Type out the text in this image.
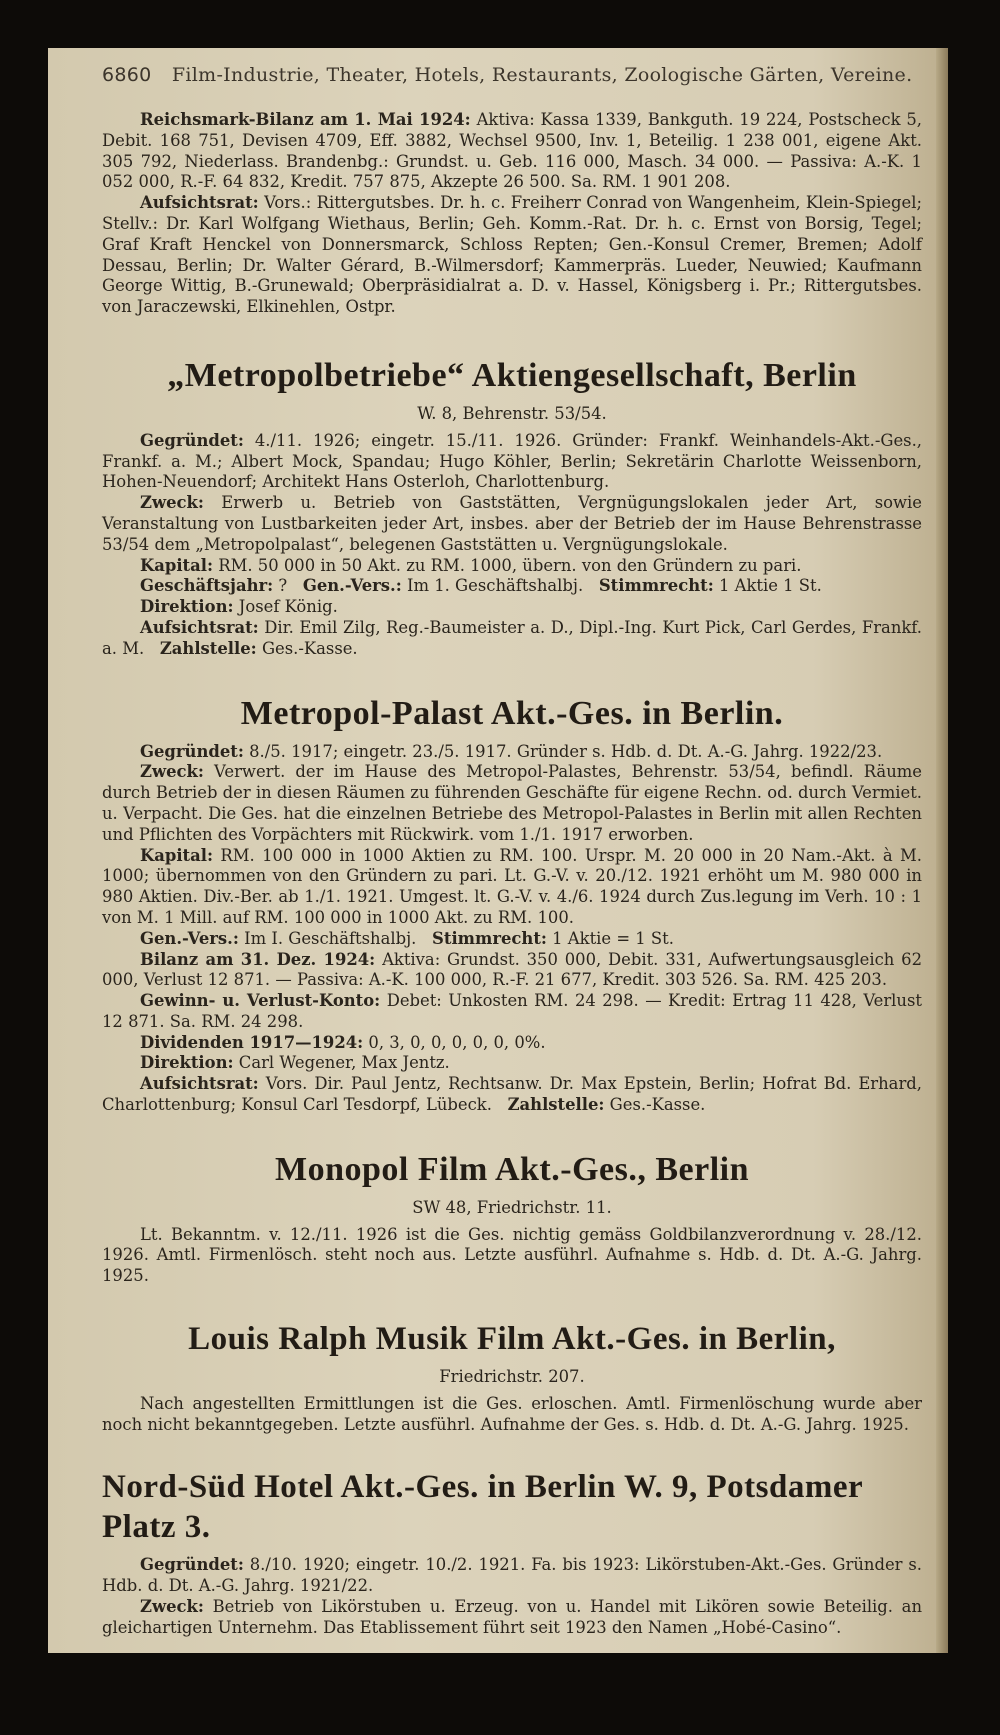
6860 Film-Industrie, Theater, Hotels, Restaurants, Zoologische Gärten, Vereine.

Reichsmark-Bilanz am 1. Mai 1924: Aktiva: Kassa 1339, Bankguth. 19 224, Postscheck 5, Debit. 168 751, Devisen 4709, Eff. 3882, Wechsel 9500, Inv. 1, Beteilig. 1 238 001, eigene Akt. 305 792, Niederlass. Brandenbg.: Grundst. u. Geb. 116 000, Masch. 34 000. — Passiva: A.-K. 1 052 000, R.-F. 64 832, Kredit. 757 875, Akzepte 26 500. Sa. RM. 1 901 208.

Aufsichtsrat: Vors.: Rittergutsbes. Dr. h. c. Freiherr Conrad von Wangenheim, Klein-Spiegel; Stellv.: Dr. Karl Wolfgang Wiethaus, Berlin; Geh. Komm.-Rat. Dr. h. c. Ernst von Borsig, Tegel; Graf Kraft Henckel von Donnersmarck, Schloss Repten; Gen.-Konsul Cremer, Bremen; Adolf Dessau, Berlin; Dr. Walter Gérard, B.-Wilmersdorf; Kammerpräs. Lueder, Neuwied; Kaufmann George Wittig, B.-Grunewald; Oberpräsidialrat a. D. v. Hassel, Königsberg i. Pr.; Rittergutsbes. von Jaraczewski, Elkinehlen, Ostpr.

„Metropolbetriebe“ Aktiengesellschaft, Berlin
W. 8, Behrenstr. 53/54.

Gegründet: 4./11. 1926; eingetr. 15./11. 1926. Gründer: Frankf. Weinhandels-Akt.-Ges., Frankf. a. M.; Albert Mock, Spandau; Hugo Köhler, Berlin; Sekretärin Charlotte Weissenborn, Hohen-Neuendorf; Architekt Hans Osterloh, Charlottenburg.

Zweck: Erwerb u. Betrieb von Gaststätten, Vergnügungslokalen jeder Art, sowie Veranstaltung von Lustbarkeiten jeder Art, insbes. aber der Betrieb der im Hause Behrenstrasse 53/54 dem „Metropolpalast“, belegenen Gaststätten u. Vergnügungslokale.

Kapital: RM. 50 000 in 50 Akt. zu RM. 1000, übern. von den Gründern zu pari.

Geschäftsjahr: ? Gen.-Vers.: Im 1. Geschäftshalbj. Stimmrecht: 1 Aktie 1 St.

Direktion: Josef König.

Aufsichtsrat: Dir. Emil Zilg, Reg.-Baumeister a. D., Dipl.-Ing. Kurt Pick, Carl Gerdes, Frankf. a. M. Zahlstelle: Ges.-Kasse.

Metropol-Palast Akt.-Ges. in Berlin.

Gegründet: 8./5. 1917; eingetr. 23./5. 1917. Gründer s. Hdb. d. Dt. A.-G. Jahrg. 1922/23.

Zweck: Verwert. der im Hause des Metropol-Palastes, Behrenstr. 53/54, befindl. Räume durch Betrieb der in diesen Räumen zu führenden Geschäfte für eigene Rechn. od. durch Vermiet. u. Verpacht. Die Ges. hat die einzelnen Betriebe des Metropol-Palastes in Berlin mit allen Rechten und Pflichten des Vorpächters mit Rückwirk. vom 1./1. 1917 erworben.

Kapital: RM. 100 000 in 1000 Aktien zu RM. 100. Urspr. M. 20 000 in 20 Nam.-Akt. à M. 1000; übernommen von den Gründern zu pari. Lt. G.-V. v. 20./12. 1921 erhöht um M. 980 000 in 980 Aktien. Div.-Ber. ab 1./1. 1921. Umgest. lt. G.-V. v. 4./6. 1924 durch Zus.legung im Verh. 10 : 1 von M. 1 Mill. auf RM. 100 000 in 1000 Akt. zu RM. 100.

Gen.-Vers.: Im I. Geschäftshalbj. Stimmrecht: 1 Aktie = 1 St.

Bilanz am 31. Dez. 1924: Aktiva: Grundst. 350 000, Debit. 331, Aufwertungsausgleich 62 000, Verlust 12 871. — Passiva: A.-K. 100 000, R.-F. 21 677, Kredit. 303 526. Sa. RM. 425 203.

Gewinn- u. Verlust-Konto: Debet: Unkosten RM. 24 298. — Kredit: Ertrag 11 428, Verlust 12 871. Sa. RM. 24 298.

Dividenden 1917—1924: 0, 3, 0, 0, 0, 0, 0, 0%.

Direktion: Carl Wegener, Max Jentz.

Aufsichtsrat: Vors. Dir. Paul Jentz, Rechtsanw. Dr. Max Epstein, Berlin; Hofrat Bd. Erhard, Charlottenburg; Konsul Carl Tesdorpf, Lübeck. Zahlstelle: Ges.-Kasse.

Monopol Film Akt.-Ges., Berlin
SW 48, Friedrichstr. 11.

Lt. Bekanntm. v. 12./11. 1926 ist die Ges. nichtig gemäss Goldbilanzverordnung v. 28./12. 1926. Amtl. Firmenlösch. steht noch aus. Letzte ausführl. Aufnahme s. Hdb. d. Dt. A.-G. Jahrg. 1925.

Louis Ralph Musik Film Akt.-Ges. in Berlin,
Friedrichstr. 207.

Nach angestellten Ermittlungen ist die Ges. erloschen. Amtl. Firmenlöschung wurde aber noch nicht bekanntgegeben. Letzte ausführl. Aufnahme der Ges. s. Hdb. d. Dt. A.-G. Jahrg. 1925.

Nord-Süd Hotel Akt.-Ges. in Berlin W. 9, Potsdamer Platz 3.

Gegründet: 8./10. 1920; eingetr. 10./2. 1921. Fa. bis 1923: Likörstuben-Akt.-Ges. Gründer s. Hdb. d. Dt. A.-G. Jahrg. 1921/22.

Zweck: Betrieb von Likörstuben u. Erzeug. von u. Handel mit Likören sowie Beteilig. an gleichartigen Unternehm. Das Etablissement führt seit 1923 den Namen „Hobé-Casino“.
